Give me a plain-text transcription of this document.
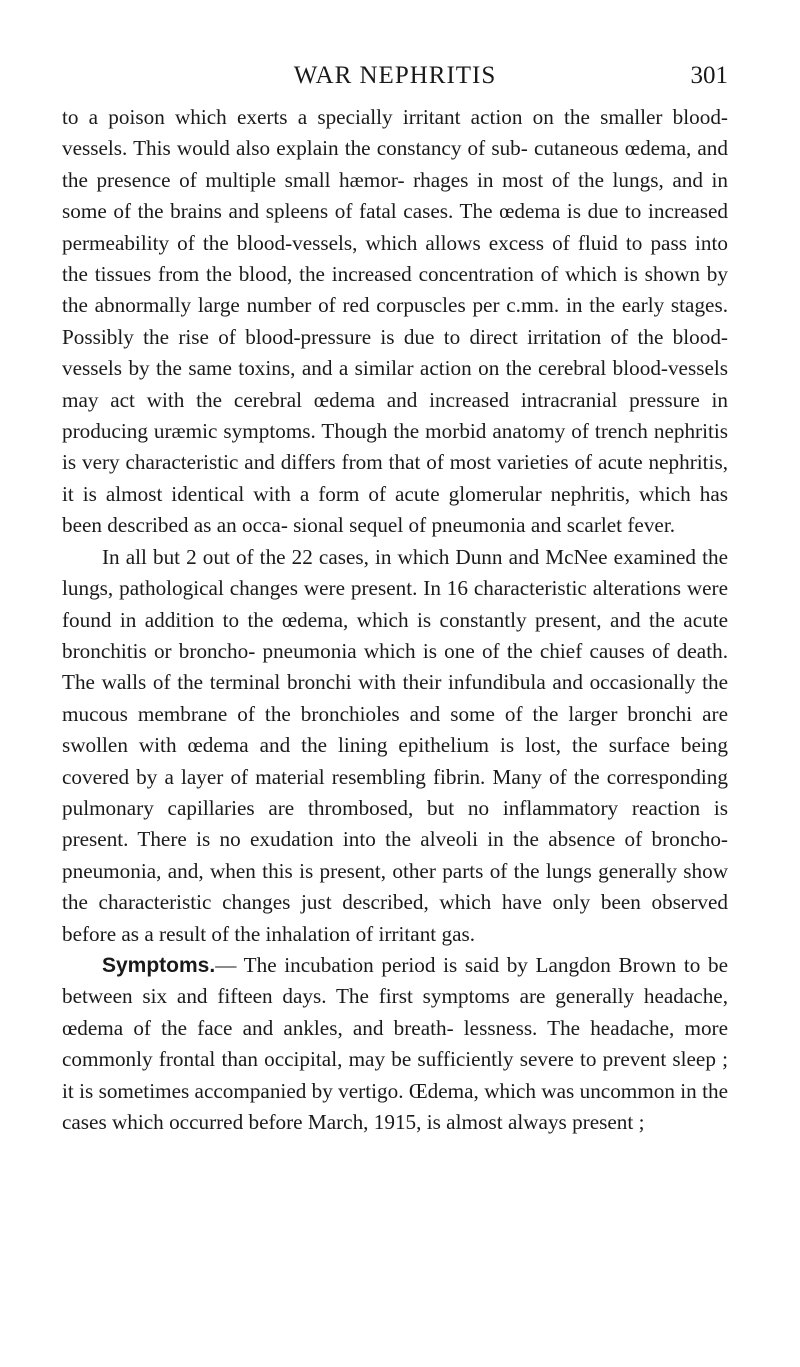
WAR NEPHRITIS	301

to a poison which exerts a specially irritant action on the smaller blood-vessels. This would also explain the constancy of sub- cutaneous œdema, and the presence of multiple small hæmor- rhages in most of the lungs, and in some of the brains and spleens of fatal cases. The œdema is due to increased permeability of the blood-vessels, which allows excess of fluid to pass into the tissues from the blood, the increased concentration of which is shown by the abnormally large number of red corpuscles per c.mm. in the early stages. Possibly the rise of blood-pressure is due to direct irritation of the blood-vessels by the same toxins, and a similar action on the cerebral blood-vessels may act with the cerebral œdema and increased intracranial pressure in producing uræmic symptoms. Though the morbid anatomy of trench nephritis is very characteristic and differs from that of most varieties of acute nephritis, it is almost identical with a form of acute glomerular nephritis, which has been described as an occa- sional sequel of pneumonia and scarlet fever.

In all but 2 out of the 22 cases, in which Dunn and McNee examined the lungs, pathological changes were present. In 16 characteristic alterations were found in addition to the œdema, which is constantly present, and the acute bronchitis or broncho- pneumonia which is one of the chief causes of death. The walls of the terminal bronchi with their infundibula and occasionally the mucous membrane of the bronchioles and some of the larger bronchi are swollen with œdema and the lining epithelium is lost, the surface being covered by a layer of material resembling fibrin. Many of the corresponding pulmonary capillaries are thrombosed, but no inflammatory reaction is present. There is no exudation into the alveoli in the absence of broncho-pneumonia, and, when this is present, other parts of the lungs generally show the characteristic changes just described, which have only been observed before as a result of the inhalation of irritant gas.

Symptoms.— The incubation period is said by Langdon Brown to be between six and fifteen days. The first symptoms are generally headache, œdema of the face and ankles, and breath- lessness. The headache, more commonly frontal than occipital, may be sufficiently severe to prevent sleep ; it is sometimes accompanied by vertigo. Œdema, which was uncommon in the cases which occurred before March, 1915, is almost always present ;
